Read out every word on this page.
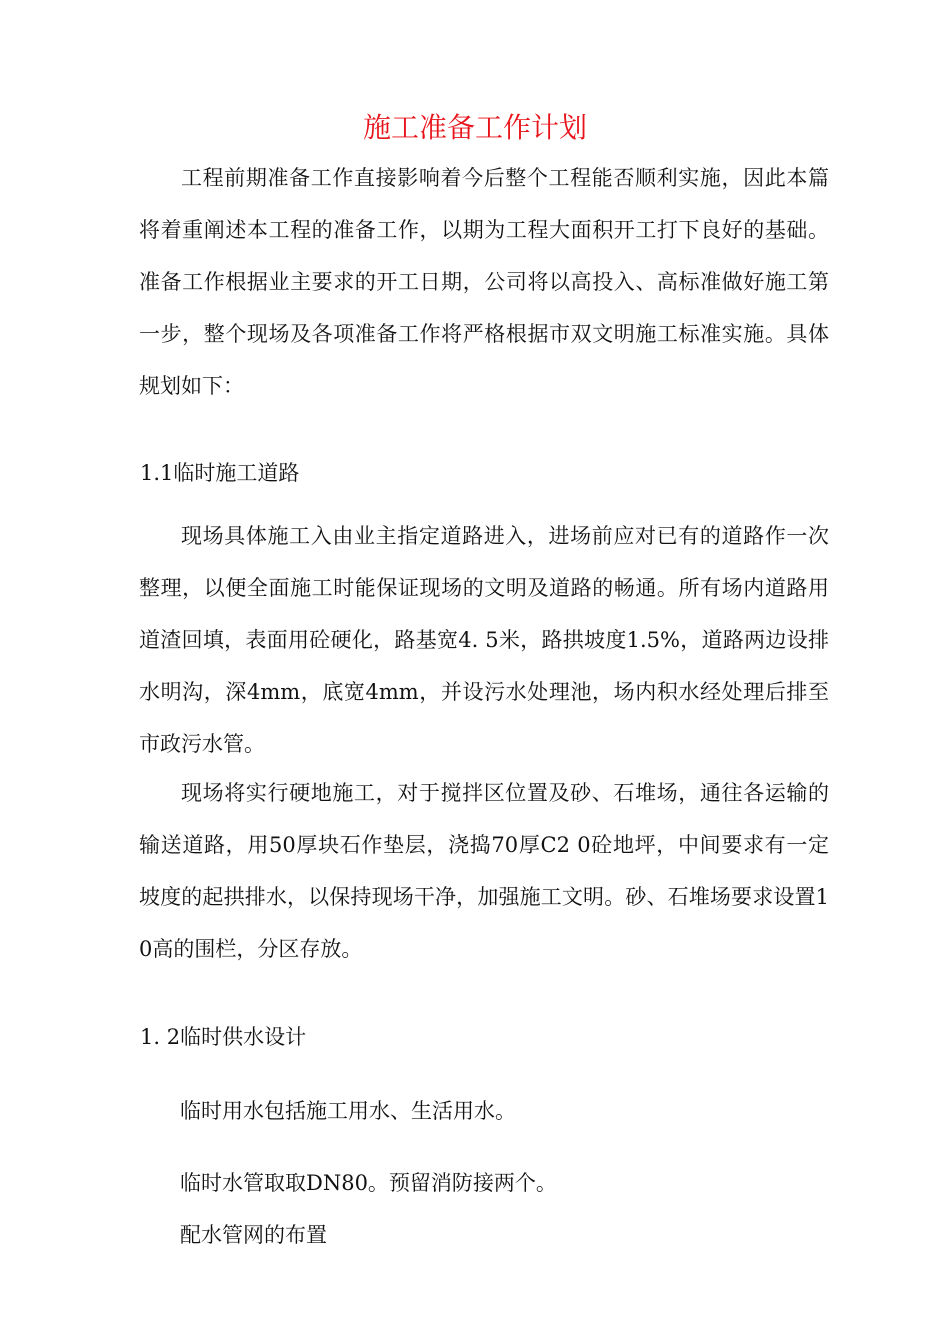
施工准备工作计划

工程前期准备工作直接影响着今后整个工程能否顺利实施，因此本篇将着重阐述本工程的准备工作，以期为工程大面积开工打下良好的基础。准备工作根据业主要求的开工日期，公司将以高投入、高标准做好施工第一步，整个现场及各项准备工作将严格根据市双文明施工标准实施。具体规划如下：

1.1临时施工道路

现场具体施工入由业主指定道路进入，进场前应对已有的道路作一次整理，以便全面施工时能保证现场的文明及道路的畅通。所有场内道路用道渣回填，表面用砼硬化，路基宽4. 5米，路拱坡度1.5%，道路两边设排水明沟，深4mm，底宽4mm，并设污水处理池，场内积水经处理后排至市政污水管。

现场将实行硬地施工，对于搅拌区位置及砂、石堆场，通往各运输的输送道路，用50厚块石作垫层，浇捣70厚C2 0砼地坪，中间要求有一定坡度的起拱排水，以保持现场干净，加强施工文明。砂、石堆场要求设置1 0高的围栏，分区存放。

1. 2临时供水设计
临时用水包括施工用水、生活用水。
临时水管取取DN80。预留消防接两个。
配水管网的布置
